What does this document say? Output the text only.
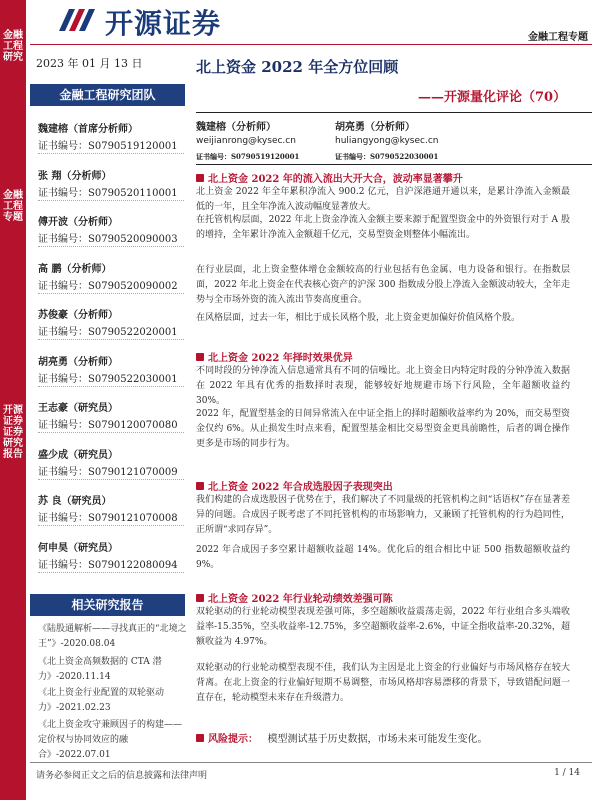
金融工程研究
金融工程专题
开源证券 证券研究报告
开源证券	金融工程专题
2023 年 01 月 13 日
金融工程研究团队
魏建榕（首席分析师）
证书编号：S0790519120001
张 翔（分析师）
证书编号：S0790520110001
傅开波（分析师）
证书编号：S0790520090003
高 鹏（分析师）
证书编号：S0790520090002
苏俊豪（分析师）
证书编号：S0790522020001
胡亮勇（分析师）
证书编号：S0790522030001
王志豪（研究员）
证书编号：S0790120070080
盛少成（研究员）
证书编号：S0790121070009
苏 良（研究员）
证书编号：S0790121070008
何申昊（研究员）
证书编号：S0790122080094
相关研究报告
《陆股通解析——寻找真正的“北境之王”》-2020.08.04
《北上资金高频数据的 CTA 潜力》-2020.11.14
《北上资金行业配置的双轮驱动力》-2021.02.23
《北上资金攻守兼顾因子的构建——定价权与协同效应的融合》-2022.07.01
北上资金 2022 年全方位回顾
——开源量化评论（70）
魏建榕（分析师）
weijianrong@kysec.cn
证书编号：S0790519120001
胡亮勇（分析师）
huliangyong@kysec.cn
证书编号：S0790522030001
北上资金 2022 年的流入流出大开大合，波动率显著攀升
北上资金 2022 年全年累积净流入 900.2 亿元，自沪深港通开通以来，是累计净流入金额最低的一年，且全年净流入波动幅度显著放大。
在托管机构层面，2022 年北上资金净流入金额主要来源于配置型资金中的外资银行对于 A 股的增持，全年累计净流入金额超千亿元，交易型资金则整体小幅流出。
在行业层面，北上资金整体增仓金额较高的行业包括有色金属、电力设备和银行。在指数层面，2022 年北上资金在代表核心资产的沪深 300 指数成分股上净流入金额波动较大，全年走势与全市场外资的流入流出节奏高度重合。
在风格层面，过去一年，相比于成长风格个股，北上资金更加偏好价值风格个股。
北上资金 2022 年择时效果优异
不同时段的分钟净流入信息通常具有不同的信噪比。北上资金日内特定时段的分钟净流入数据在 2022 年具有优秀的指数择时表现，能够较好地规避市场下行风险，全年超额收益约 30%。
2022 年，配置型基金的日间异常流入在中证全指上的择时超额收益率约为 20%，而交易型资金仅约 6%。从止损发生时点来看，配置型基金相比交易型资金更具前瞻性，后者的调仓操作更多是市场的同步行为。
北上资金 2022 年合成选股因子表现突出
我们构建的合成选股因子优势在于，我们解决了不同量级的托管机构之间“话语权”存在显著差异的问题。合成因子既考虑了不同托管机构的市场影响力，又兼顾了托管机构的行为趋同性，正所谓“求同存异”。
2022 年合成因子多空累计超额收益超 14%。优化后的组合相比中证 500 指数超额收益约 9%。
北上资金 2022 年行业轮动绩效差强可陈
双轮驱动的行业轮动模型表现差强可陈，多空超额收益震荡走弱，2022 年行业组合多头端收益率-15.35%，空头收益率-12.75%，多空超额收益率-2.6%，中证全指收益率-20.32%，超额收益为 4.97%。
双轮驱动的行业轮动模型表现不佳，我们认为主因是北上资金的行业偏好与市场风格存在较大背离。在北上资金的行业偏好短期不易调整，市场风格却容易漂移的背景下，导致错配问题一直存在，轮动模型未来存在升级潜力。
风险提示： 模型测试基于历史数据，市场未来可能发生变化。
请务必参阅正文之后的信息披露和法律声明	1 / 14
